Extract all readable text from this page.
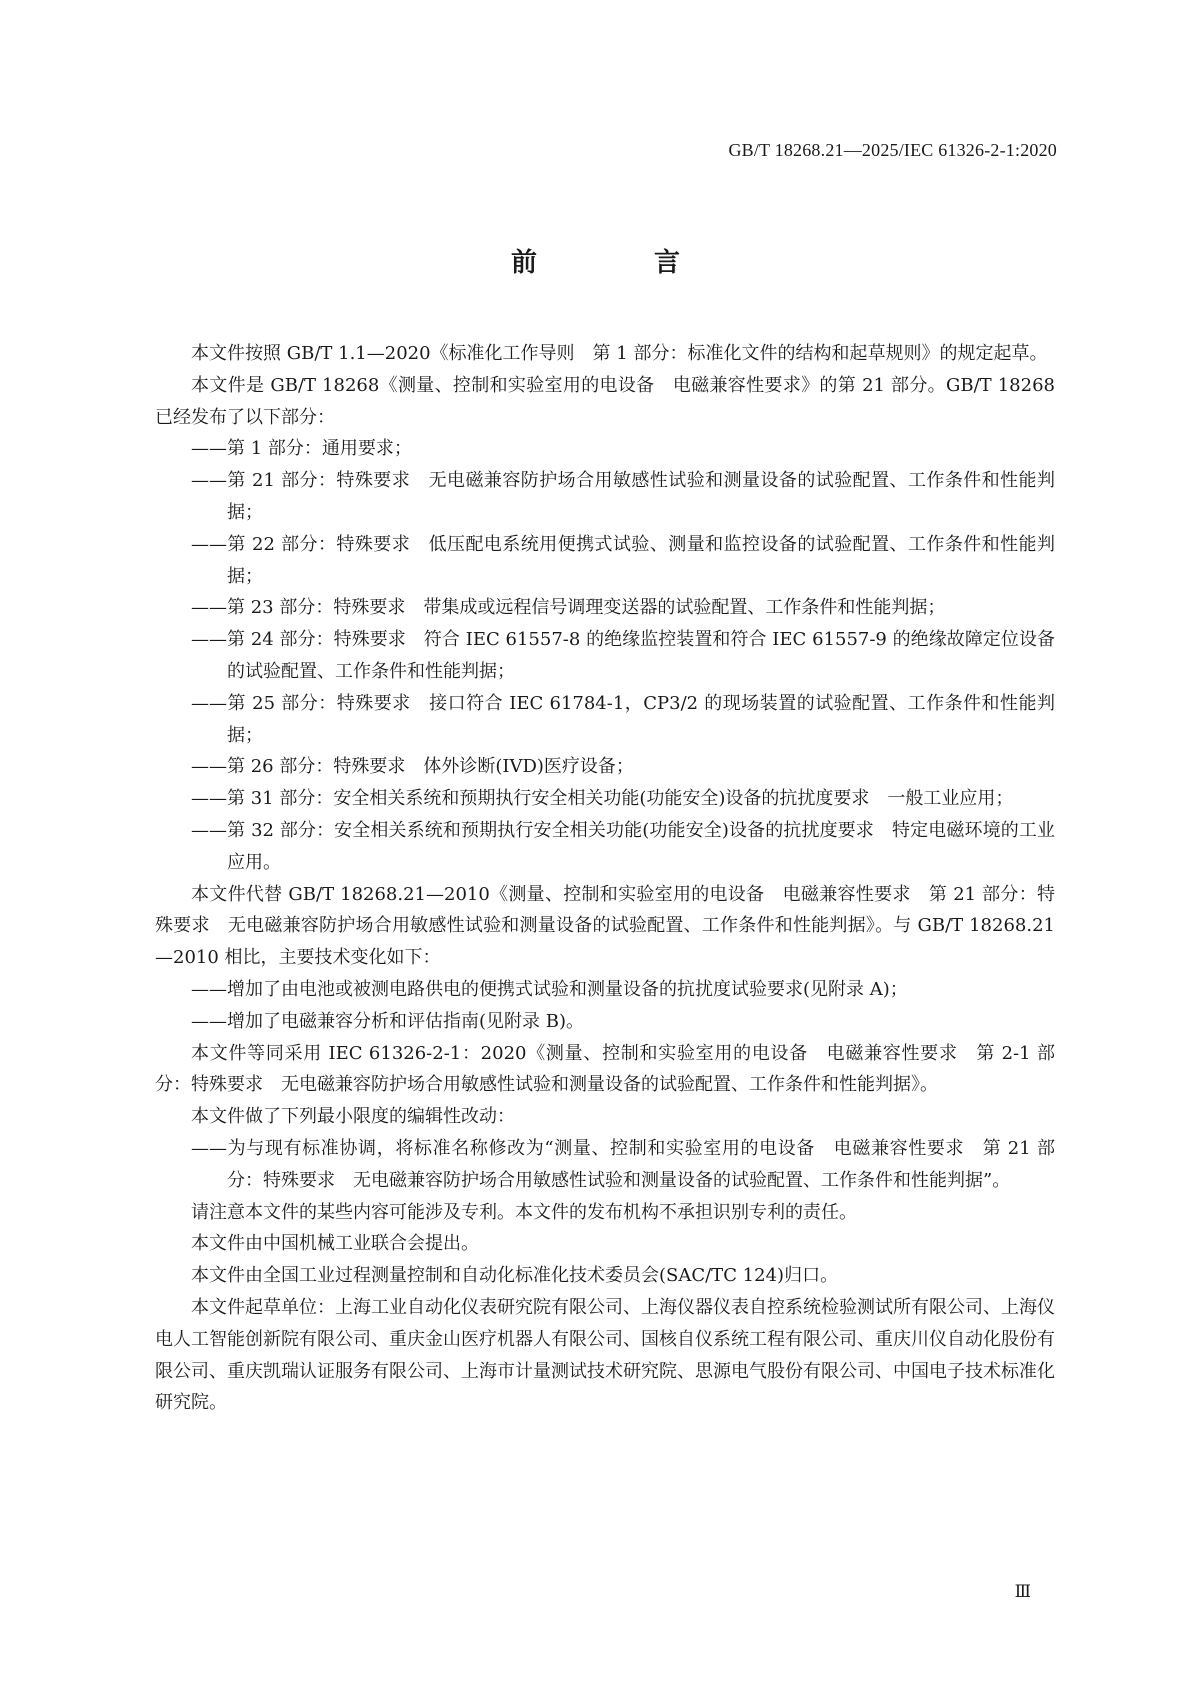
GB/T 18268.21—2025/IEC 61326-2-1:2020
前 言

本文件按照 GB/T 1.1—2020《标准化工作导则　第 1 部分：标准化文件的结构和起草规则》的规定起草。

本文件是 GB/T 18268《测量、控制和实验室用的电设备　电磁兼容性要求》的第 21 部分。GB/T 18268 已经发布了以下部分：

——第 1 部分：通用要求；

——第 21 部分：特殊要求　无电磁兼容防护场合用敏感性试验和测量设备的试验配置、工作条件和性能判据；

——第 22 部分：特殊要求　低压配电系统用便携式试验、测量和监控设备的试验配置、工作条件和性能判据；

——第 23 部分：特殊要求　带集成或远程信号调理变送器的试验配置、工作条件和性能判据；

——第 24 部分：特殊要求　符合 IEC 61557-8 的绝缘监控装置和符合 IEC 61557-9 的绝缘故障定位设备的试验配置、工作条件和性能判据；

——第 25 部分：特殊要求　接口符合 IEC 61784-1，CP3/2 的现场装置的试验配置、工作条件和性能判据；

——第 26 部分：特殊要求　体外诊断(IVD)医疗设备；

——第 31 部分：安全相关系统和预期执行安全相关功能(功能安全)设备的抗扰度要求　一般工业应用；

——第 32 部分：安全相关系统和预期执行安全相关功能(功能安全)设备的抗扰度要求　特定电磁环境的工业应用。

本文件代替 GB/T 18268.21—2010《测量、控制和实验室用的电设备　电磁兼容性要求　第 21 部分：特殊要求　无电磁兼容防护场合用敏感性试验和测量设备的试验配置、工作条件和性能判据》。与 GB/T 18268.21—2010 相比，主要技术变化如下：

——增加了由电池或被测电路供电的便携式试验和测量设备的抗扰度试验要求(见附录 A)；

——增加了电磁兼容分析和评估指南(见附录 B)。

本文件等同采用 IEC 61326-2-1：2020《测量、控制和实验室用的电设备　电磁兼容性要求　第 2-1 部分：特殊要求　无电磁兼容防护场合用敏感性试验和测量设备的试验配置、工作条件和性能判据》。

本文件做了下列最小限度的编辑性改动：

——为与现有标准协调，将标准名称修改为“测量、控制和实验室用的电设备　电磁兼容性要求　第 21 部分：特殊要求　无电磁兼容防护场合用敏感性试验和测量设备的试验配置、工作条件和性能判据”。

请注意本文件的某些内容可能涉及专利。本文件的发布机构不承担识别专利的责任。

本文件由中国机械工业联合会提出。

本文件由全国工业过程测量控制和自动化标准化技术委员会(SAC/TC 124)归口。

本文件起草单位：上海工业自动化仪表研究院有限公司、上海仪器仪表自控系统检验测试所有限公司、上海仪电人工智能创新院有限公司、重庆金山医疗机器人有限公司、国核自仪系统工程有限公司、重庆川仪自动化股份有限公司、重庆凯瑞认证服务有限公司、上海市计量测试技术研究院、思源电气股份有限公司、中国电子技术标准化研究院。

Ⅲ
